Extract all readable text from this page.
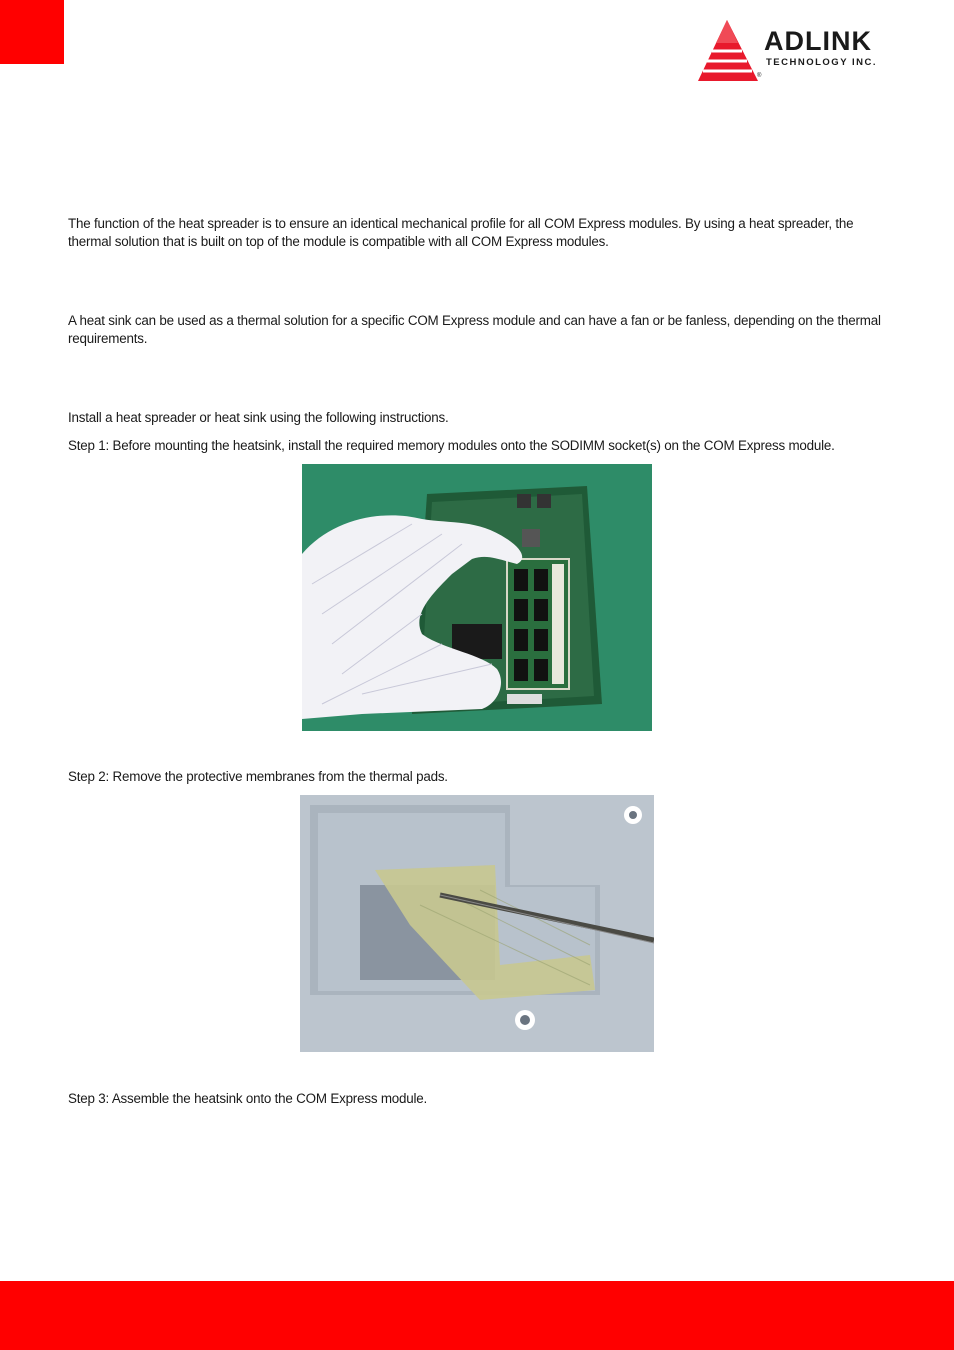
ADLINK
TECHNOLOGY INC.
®

The function of the heat spreader is to ensure an identical mechanical profile for all COM Express modules. By using a heat spreader, the thermal solution that is built on top of the module is compatible with all COM Express modules.

A heat sink can be used as a thermal solution for a specific COM Express module and can have a fan or be fanless, depending on the thermal requirements.

Install a heat spreader or heat sink using the following instructions.

Step 1: Before mounting the heatsink, install the required memory modules onto the SODIMM socket(s) on the COM Express module.

Step 2: Remove the protective membranes from the thermal pads.

Step 3: Assemble the heatsink onto the COM Express module.
